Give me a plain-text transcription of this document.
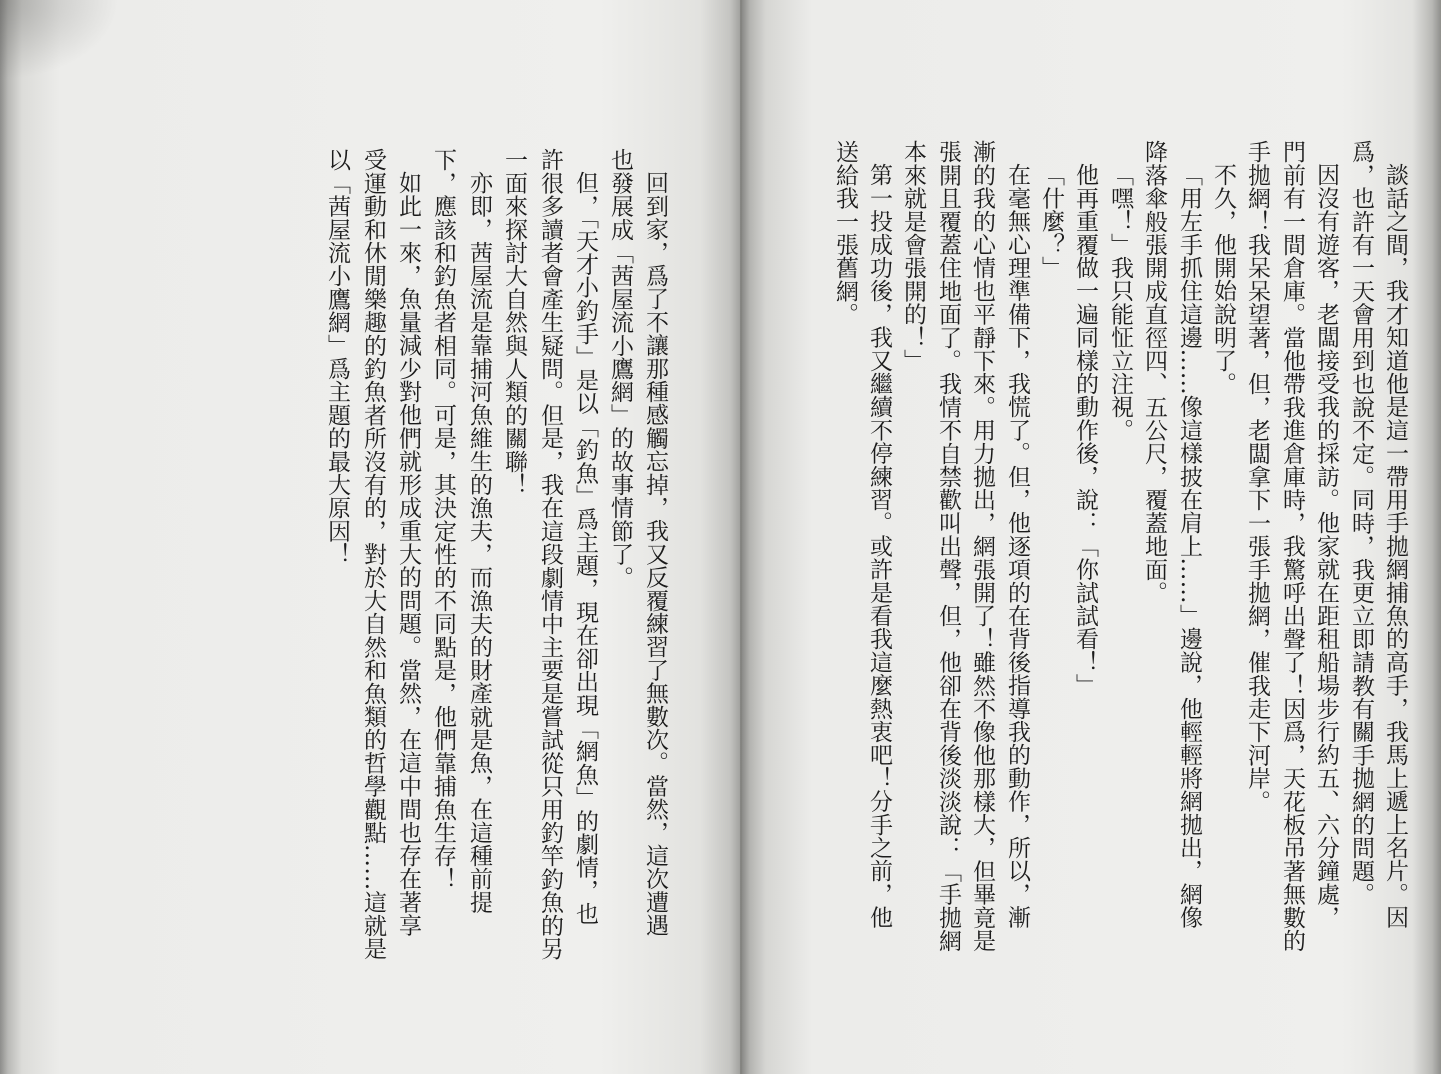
回到家，爲了不讓那種感觸忘掉，我又反覆練習了無數次。當然，這次遭遇
也發展成「茜屋流小鷹網」的故事情節了。
但，「天才小釣手」是以「釣魚」爲主題，現在卻出現「網魚」的劇情，也
許很多讀者會產生疑問。但是，我在這段劇情中主要是嘗試從只用釣竿釣魚的另
一面來探討大自然與人類的關聯！
亦即，茜屋流是靠捕河魚維生的漁夫，而漁夫的財產就是魚，在這種前提
下，應該和釣魚者相同。可是，其決定性的不同點是，他們靠捕魚生存！
如此一來，魚量減少對他們就形成重大的問題。當然，在這中間也存在著享
受運動和休閒樂趣的釣魚者所沒有的，對於大自然和魚類的哲學觀點……這就是
以「茜屋流小鷹網」爲主題的最大原因！	談話之間，我才知道他是這一帶用手拋網捕魚的高手，我馬上遞上名片。因
爲，也許有一天會用到也說不定。同時，我更立即請教有關手拋網的問題。
因沒有遊客，老闆接受我的採訪。他家就在距租船場步行約五、六分鐘處，
門前有一間倉庫。當他帶我進倉庫時，我驚呼出聲了！因爲，天花板吊著無數的
手拋網！我呆呆望著，但，老闆拿下一張手拋網，催我走下河岸。
不久，他開始說明了。
「用左手抓住這邊……像這樣披在肩上……」邊說，他輕輕將網拋出，網像
降落傘般張開成直徑四、五公尺，覆蓋地面。
「嘿！」我只能怔立注視。
他再重覆做一遍同樣的動作後，說：「你試試看！」
「什麼？」
在毫無心理準備下，我慌了。但，他逐項的在背後指導我的動作，所以，漸
漸的我的心情也平靜下來。用力拋出，網張開了！雖然不像他那樣大，但畢竟是
張開且覆蓋住地面了。我情不自禁歡叫出聲，但，他卻在背後淡淡說：「手拋網
本來就是會張開的！」
第一投成功後，我又繼續不停練習。或許是看我這麼熱衷吧！分手之前，他
送給我一張舊網。
